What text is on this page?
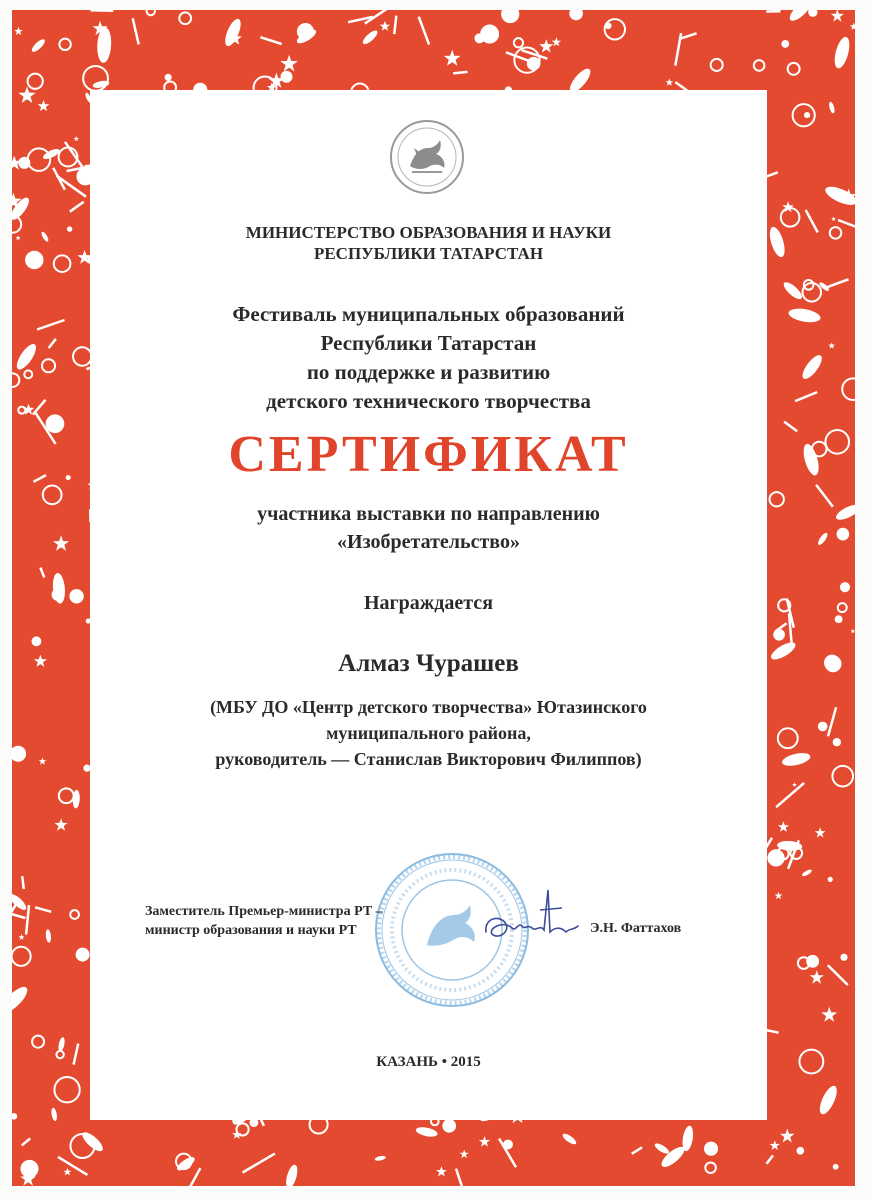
МИНИСТЕРСТВО ОБРАЗОВАНИЯ И НАУКИ
РЕСПУБЛИКИ ТАТАРСТАН
Фестиваль муниципальных образований
Республики Татарстан
по поддержке и развитию
детского технического творчества
СЕРТИФИКАТ
участника выставки по направлению
«Изобретательство»
Награждается
Алмаз Чурашев
(МБУ ДО «Центр детского творчества» Ютазинского
муниципального района,
руководитель — Станислав Викторович Филиппов)
Заместитель Премьер-министра РТ –
министр образования и науки РТ	Э.Н. Фаттахов
КАЗАНЬ • 2015
